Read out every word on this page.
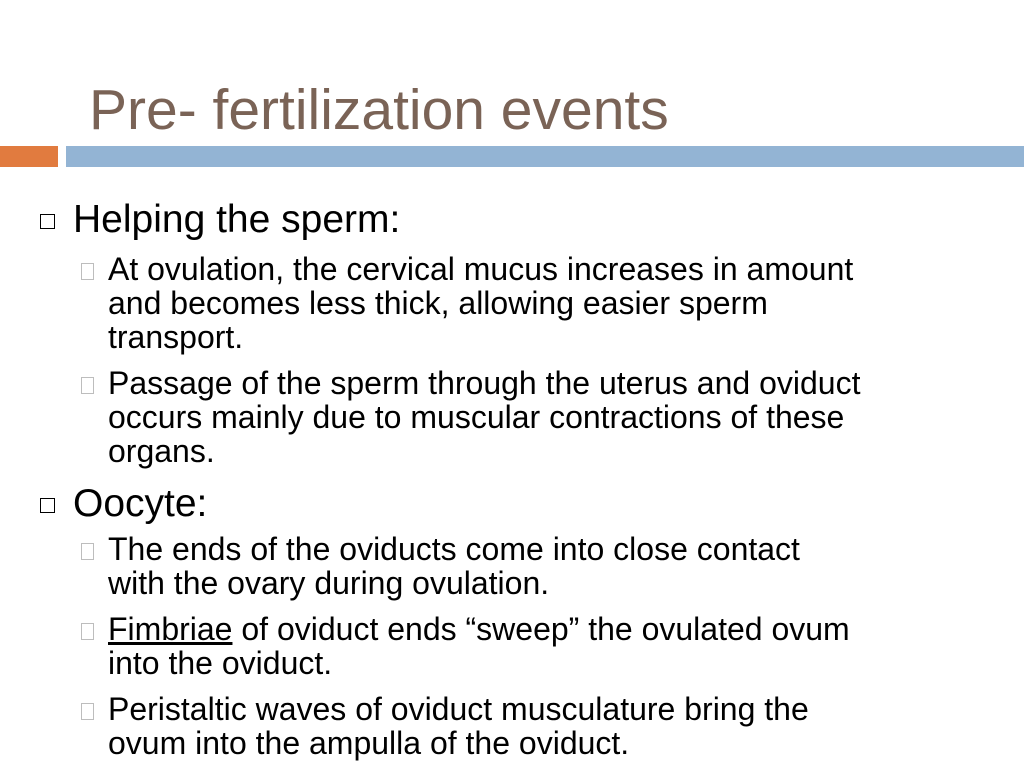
Pre- fertilization events
Helping the sperm:
At ovulation, the cervical mucus increases in amount
and becomes less thick, allowing easier sperm
transport.
Passage of the sperm through the uterus and oviduct
occurs mainly due to muscular contractions of these
organs.
Oocyte:
The ends of the oviducts come into close contact
with the ovary during ovulation.
Fimbriae of oviduct ends “sweep” the ovulated ovum
into the oviduct.
Peristaltic waves of oviduct musculature bring the
ovum into the ampulla of the oviduct.
